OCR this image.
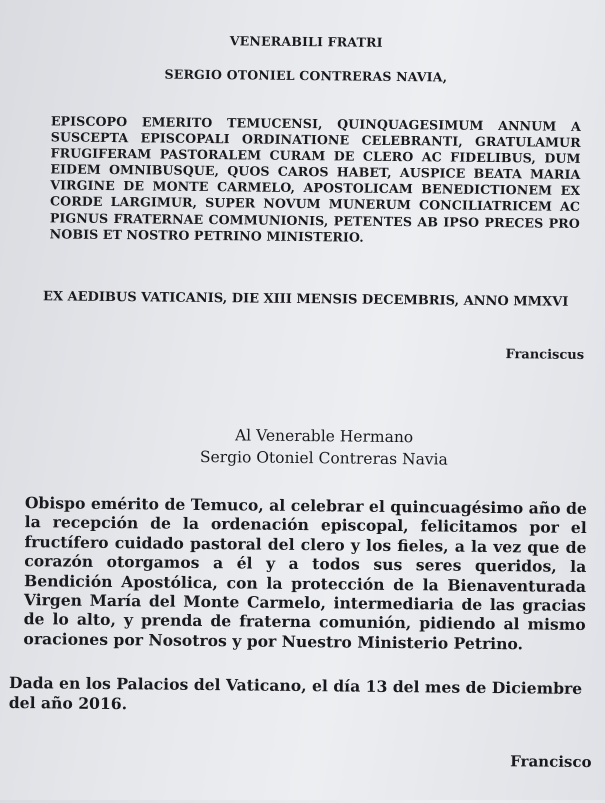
VENERABILI FRATRI
SERGIO OTONIEL CONTRERAS NAVIA,
EPISCOPO EMERITO TEMUCENSI, QUINQUAGESIMUM ANNUM A SUSCEPTA EPISCOPALI ORDINATIONE CELEBRANTI, GRATULAMUR FRUGIFERAM PASTORALEM CURAM DE CLERO AC FIDELIBUS, DUM EIDEM OMNIBUSQUE, QUOS CAROS HABET, AUSPICE BEATA MARIA VIRGINE DE MONTE CARMELO, APOSTOLICAM BENEDICTIONEM EX CORDE LARGIMUR, SUPER NOVUM MUNERUM CONCILIATRICEM AC PIGNUS FRATERNAE COMMUNIONIS, PETENTES AB IPSO PRECES PRO NOBIS ET NOSTRO PETRINO MINISTERIO.
EX AEDIBUS VATICANIS, DIE XIII MENSIS DECEMBRIS, ANNO MMXVI
Franciscus
Al Venerable Hermano
Sergio Otoniel Contreras Navia
Obispo emérito de Temuco, al celebrar el quincuagésimo año de la recepción de la ordenación episcopal, felicitamos por el fructífero cuidado pastoral del clero y los fieles, a la vez que de corazón otorgamos a él y a todos sus seres queridos, la Bendición Apostólica, con la protección de la Bienaventurada Virgen María del Monte Carmelo, intermediaria de las gracias de lo alto, y prenda de fraterna comunión, pidiendo al mismo oraciones por Nosotros y por Nuestro Ministerio Petrino.
Dada en los Palacios del Vaticano, el día 13 del mes de Diciembre del año 2016.
Francisco
